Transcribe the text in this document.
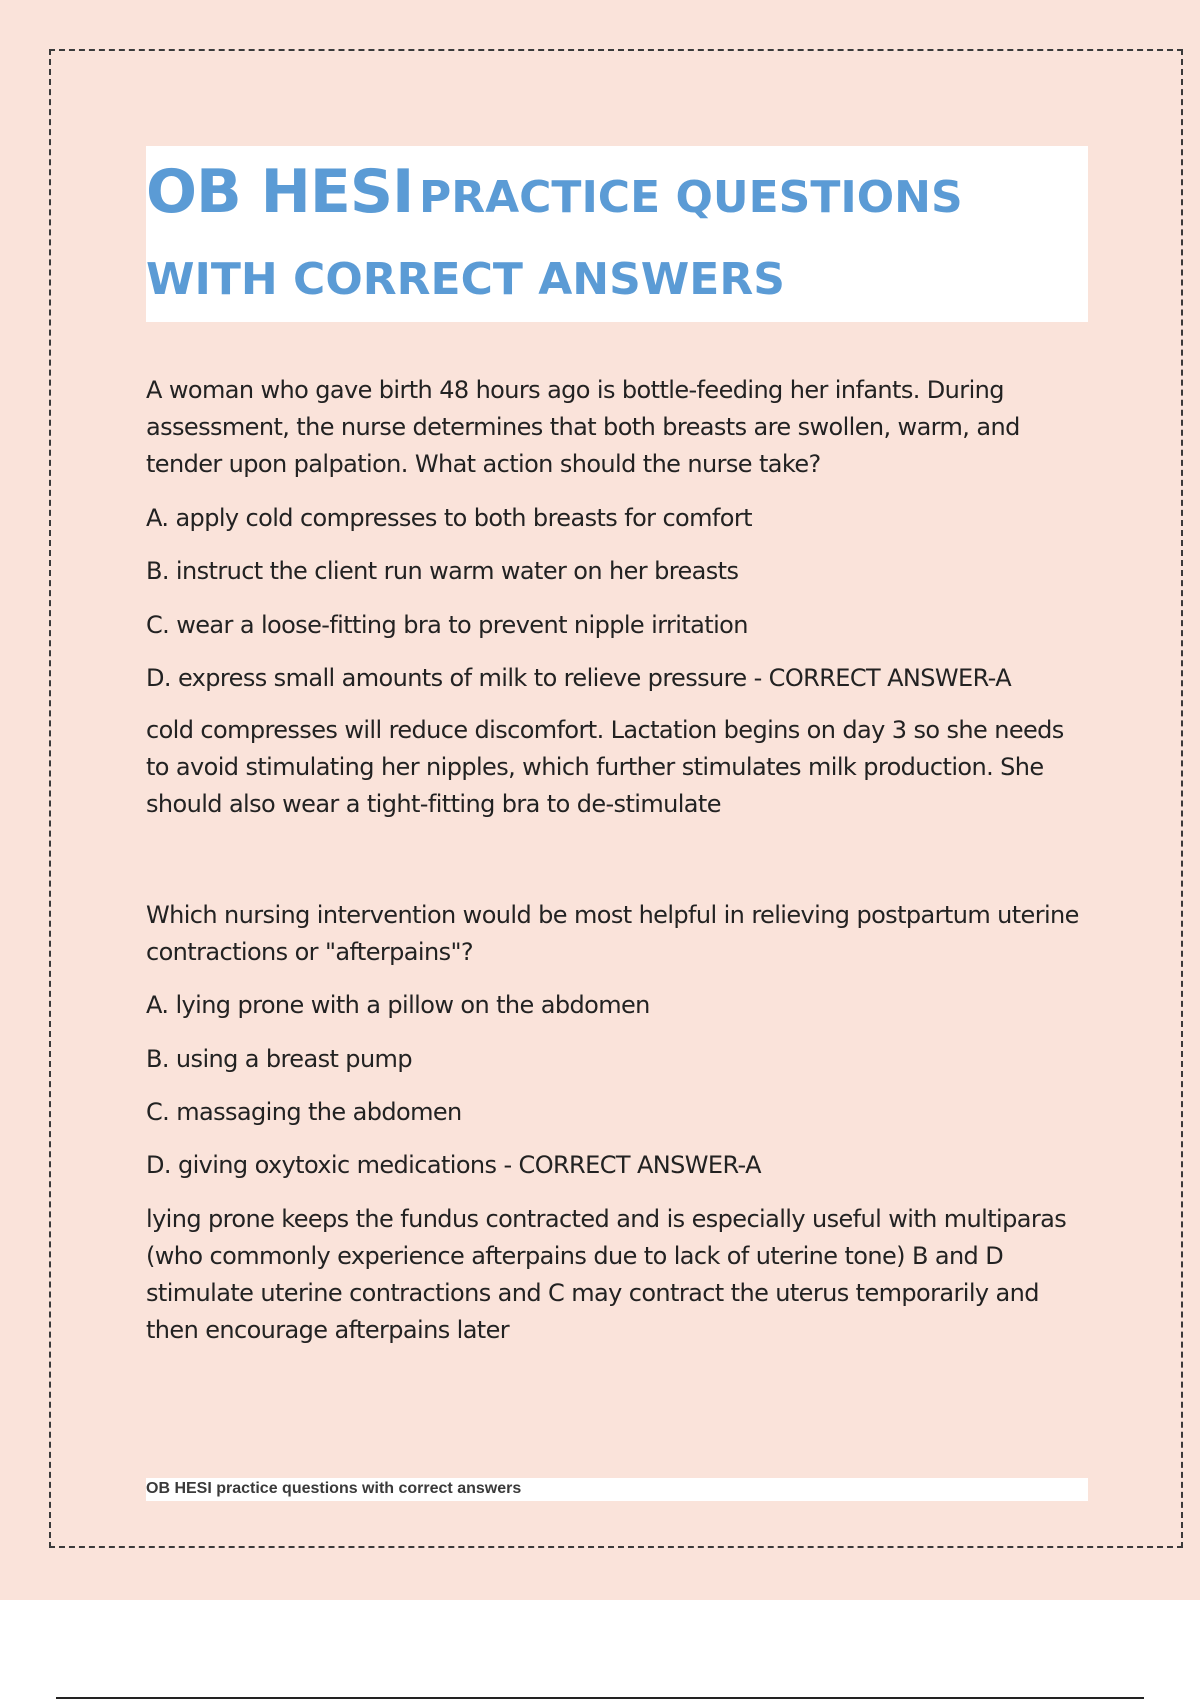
OB HESI PRACTICE QUESTIONS
WITH CORRECT ANSWERS

A woman who gave birth 48 hours ago is bottle-feeding her infants. During assessment, the nurse determines that both breasts are swollen, warm, and tender upon palpation. What action should the nurse take?

A. apply cold compresses to both breasts for comfort

B. instruct the client run warm water on her breasts

C. wear a loose-fitting bra to prevent nipple irritation

D. express small amounts of milk to relieve pressure - CORRECT ANSWER-A

cold compresses will reduce discomfort. Lactation begins on day 3 so she needs to avoid stimulating her nipples, which further stimulates milk production. She should also wear a tight-fitting bra to de-stimulate

Which nursing intervention would be most helpful in relieving postpartum uterine contractions or "afterpains"?

A. lying prone with a pillow on the abdomen

B. using a breast pump

C. massaging the abdomen

D. giving oxytoxic medications - CORRECT ANSWER-A

lying prone keeps the fundus contracted and is especially useful with multiparas (who commonly experience afterpains due to lack of uterine tone) B and D stimulate uterine contractions and C may contract the uterus temporarily and then encourage afterpains later

OB HESI practice questions with correct answers
